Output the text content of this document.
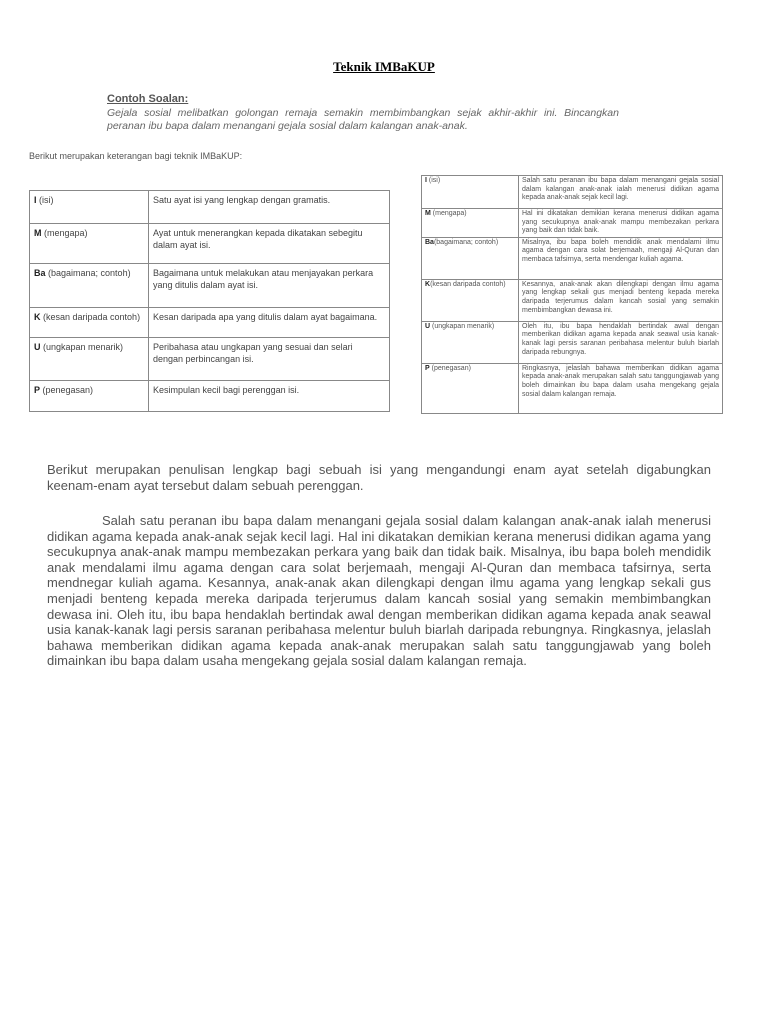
Teknik IMBaKUP
Contoh Soalan:
Gejala sosial melibatkan golongan remaja semakin membimbangkan sejak akhir-akhir ini. Bincangkan peranan ibu bapa dalam menangani gejala sosial dalam kalangan anak-anak.
Berikut merupakan keterangan bagi teknik IMBaKUP:
I (isi)	Satu ayat isi yang lengkap dengan gramatis.
M (mengapa)	Ayat untuk menerangkan kepada dikatakan sebegitu dalam ayat isi.
Ba (bagaimana; contoh)	Bagaimana untuk melakukan atau menjayakan perkara yang ditulis dalam ayat isi.
K (kesan daripada contoh)	Kesan daripada apa yang ditulis dalam ayat bagaimana.
U (ungkapan menarik)	Peribahasa atau ungkapan yang sesuai dan selari dengan perbincangan isi.
P (penegasan)	Kesimpulan kecil bagi perenggan isi.
I (isi)	Salah satu peranan ibu bapa dalam menangani gejala sosial dalam kalangan anak-anak ialah menerusi didikan agama kepada anak-anak sejak kecil lagi.
M (mengapa)	Hal ini dikatakan demikian kerana menerusi didikan agama yang secukupnya anak-anak mampu membezakan perkara yang baik dan tidak baik.
Ba(bagaimana; contoh)	Misalnya, ibu bapa boleh mendidik anak mendalami ilmu agama dengan cara solat berjemaah, mengaji Al-Quran dan membaca tafsirnya, serta mendengar kuliah agama.
K(kesan daripada contoh)	Kesannya, anak-anak akan dilengkapi dengan ilmu agama yang lengkap sekali gus menjadi benteng kepada mereka daripada terjerumus dalam kancah sosial yang semakin membimbangkan dewasa ini.
U (ungkapan menarik)	Oleh itu, ibu bapa hendaklah bertindak awal dengan memberikan didikan agama kepada anak seawal usia kanak-kanak lagi persis saranan peribahasa melentur buluh biarlah daripada rebungnya.
P (penegasan)	Ringkasnya, jelaslah bahawa memberikan didikan agama kepada anak-anak merupakan salah satu tanggungjawab yang boleh dimainkan ibu bapa dalam usaha mengekang gejala sosial dalam kalangan remaja.
Berikut merupakan penulisan lengkap bagi sebuah isi yang mengandungi enam ayat setelah digabungkan keenam-enam ayat tersebut dalam sebuah perenggan.
Salah satu peranan ibu bapa dalam menangani gejala sosial dalam kalangan anak-anak ialah menerusi didikan agama kepada anak-anak sejak kecil lagi. Hal ini dikatakan demikian kerana menerusi didikan agama yang secukupnya anak-anak mampu membezakan perkara yang baik dan tidak baik. Misalnya, ibu bapa boleh mendidik anak mendalami ilmu agama dengan cara solat berjemaah, mengaji Al-Quran dan membaca tafsirnya, serta mendnegar kuliah agama. Kesannya, anak-anak akan dilengkapi dengan ilmu agama yang lengkap sekali gus menjadi benteng kepada mereka daripada terjerumus dalam kancah sosial yang semakin membimbangkan dewasa ini. Oleh itu, ibu bapa hendaklah bertindak awal dengan memberikan didikan agama kepada anak seawal usia kanak-kanak lagi persis saranan peribahasa melentur buluh biarlah daripada rebungnya. Ringkasnya, jelaslah bahawa memberikan didikan agama kepada anak-anak merupakan salah satu tanggungjawab yang boleh dimainkan ibu bapa dalam usaha mengekang gejala sosial dalam kalangan remaja.
